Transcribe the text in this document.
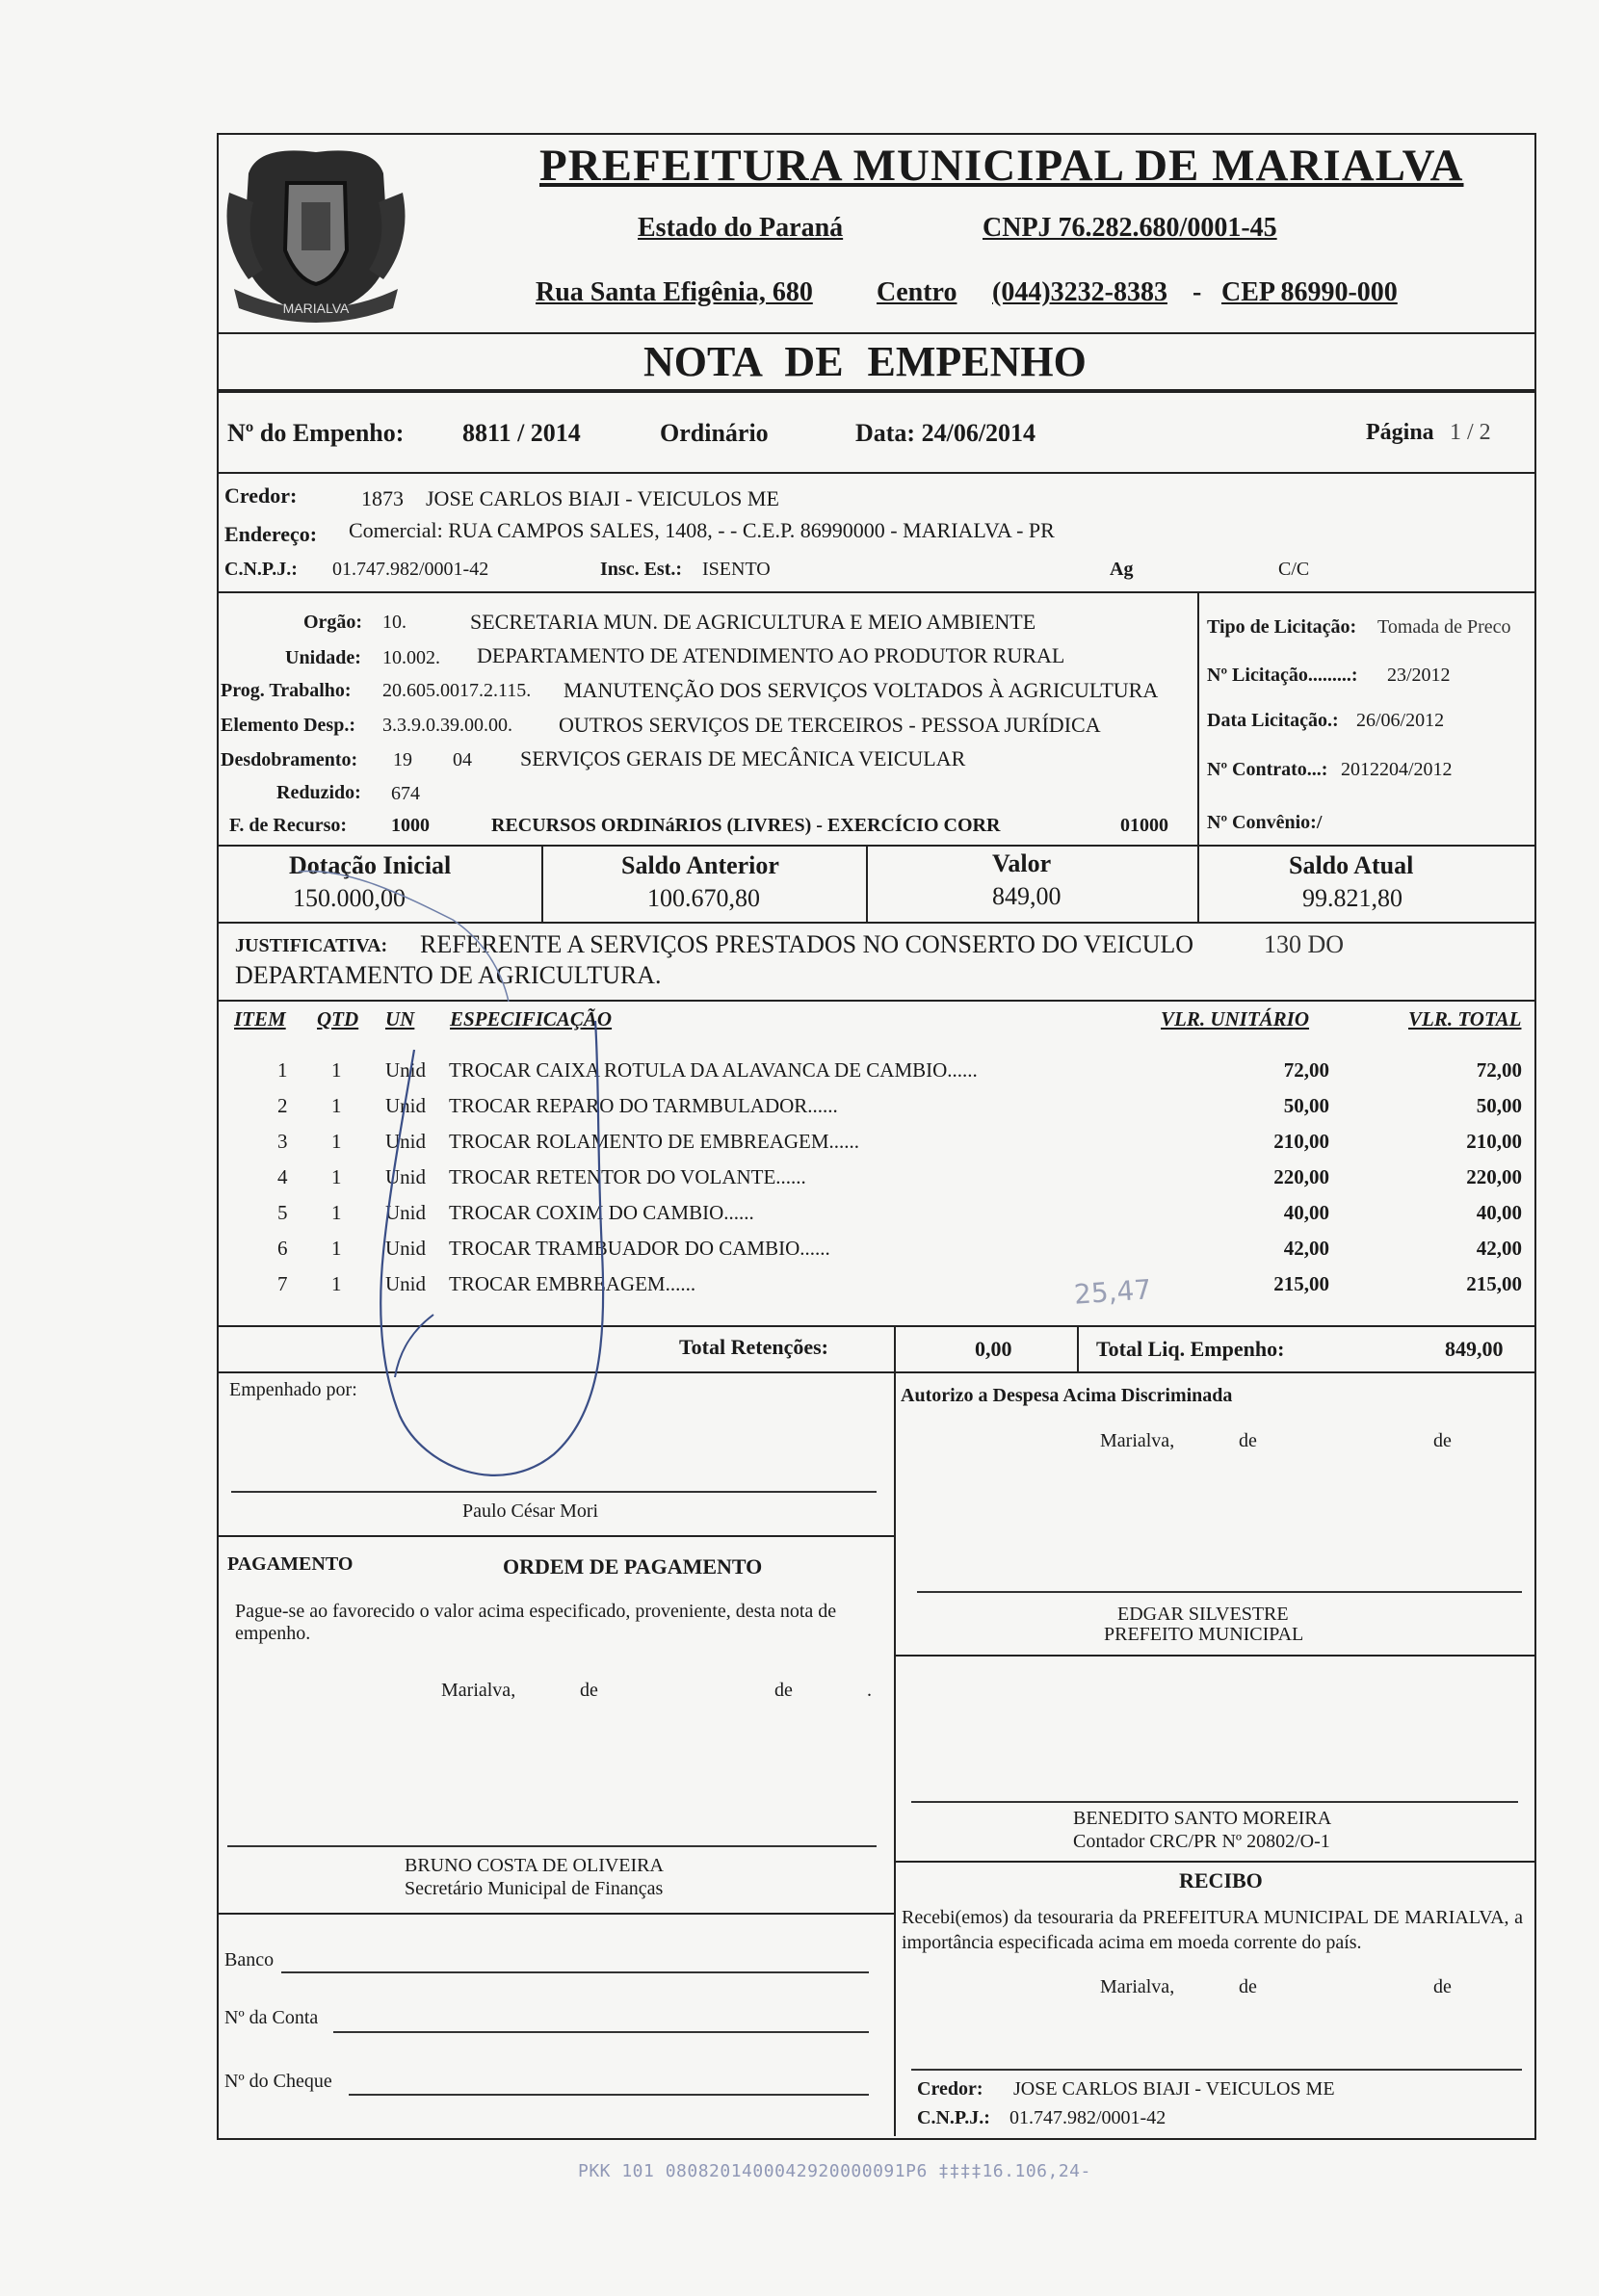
MARIALVA
PREFEITURA MUNICIPAL DE MARIALVA
Estado do Paraná	CNPJ 76.282.680/0001-45
Rua Santa Efigênia, 680 Centro (044)3232-8383 - CEP 86990-000
NOTA DE EMPENHO
Nº do Empenho: 8811 / 2014	Ordinário	Data: 24/06/2014	Página 1 / 2
Credor:	1873 JOSE CARLOS BIAJI - VEICULOS ME
Endereço: Comercial: RUA CAMPOS SALES, 1408, - - C.E.P. 86990000 - MARIALVA - PR
C.N.P.J.: 01.747.982/0001-42	Insc. Est.: ISENTO	Ag	C/C
Orgão: 10.	SECRETARIA MUN. DE AGRICULTURA E MEIO AMBIENTE
Unidade: 10.002. DEPARTAMENTO DE ATENDIMENTO AO PRODUTOR RURAL
Prog. Trabalho: 20.605.0017.2.115. MANUTENÇÃO DOS SERVIÇOS VOLTADOS À AGRICULTURA
Elemento Desp.: 3.3.9.0.39.00.00. OUTROS SERVIÇOS DE TERCEIROS - PESSOA JURÍDICA
Desdobramento: 19 04 SERVIÇOS GERAIS DE MECÂNICA VEICULAR
Reduzido: 674
F. de Recurso: 1000	RECURSOS ORDINáRIOS (LIVRES) - EXERCÍCIO CORR	01000
Tipo de Licitação: Tomada de Preco
Nº Licitação.........: 23/2012
Data Licitação.: 26/06/2012
Nº Contrato...: 2012204/2012
Nº Convênio:/
Dotação Inicial
150.000,00
Saldo Anterior
100.670,80
Valor
849,00
Saldo Atual
99.821,80
JUSTIFICATIVA: REFERENTE A SERVIÇOS PRESTADOS NO CONSERTO DO VEICULO	130 DO
DEPARTAMENTO DE AGRICULTURA.
ITEM QTD UN ESPECIFICAÇÃO	VLR. UNITÁRIO	VLR. TOTAL
1 1 Unid TROCAR CAIXA ROTULA DA ALAVANCA DE CAMBIO......	72,00	72,00
2 1 Unid TROCAR REPARO DO TARMBULADOR......	50,00	50,00
3 1 Unid TROCAR ROLAMENTO DE EMBREAGEM......	210,00	210,00
4 1 Unid TROCAR RETENTOR DO VOLANTE......	220,00	220,00
5 1 Unid TROCAR COXIM DO CAMBIO......	40,00	40,00
6 1 Unid TROCAR TRAMBUADOR DO CAMBIO......	42,00	42,00
7 1 Unid TROCAR EMBREAGEM......	215,00	215,00
25,47
Total Retenções:	0,00	Total Liq. Empenho:	849,00
Empenhado por:
Paulo César Mori
Autorizo a Despesa Acima Discriminada
Marialva,	de	de
EDGAR SILVESTRE
PREFEITO MUNICIPAL
PAGAMENTO	ORDEM DE PAGAMENTO
Pague-se ao favorecido o valor acima especificado, proveniente, desta nota de empenho.
Marialva,	de	de	.
BRUNO COSTA DE OLIVEIRA
Secretário Municipal de Finanças
BENEDITO SANTO MOREIRA
Contador CRC/PR Nº 20802/O-1
RECIBO
Recebi(emos) da tesouraria da PREFEITURA MUNICIPAL DE MARIALVA, a importância especificada acima em moeda corrente do país.
Marialva,	de	de
Credor: JOSE CARLOS BIAJI - VEICULOS ME
C.N.P.J.: 01.747.982/0001-42
Banco
Nº da Conta
Nº do Cheque
PKK 101 0808201400042920000091P6 ‡‡‡‡16.106,24-
